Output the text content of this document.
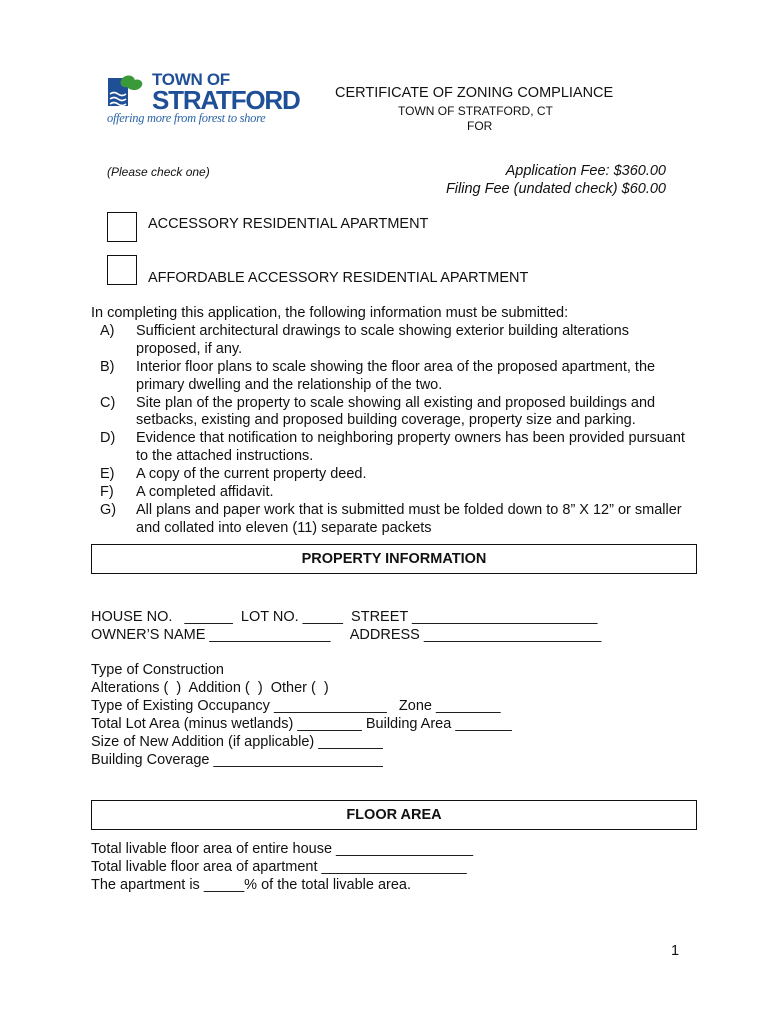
TOWN OF
STRATFORD
offering more from forest to shore
CERTIFICATE OF ZONING COMPLIANCE
TOWN OF STRATFORD, CT
FOR
(Please check one)	Application Fee: $360.00
Filing Fee (undated check) $60.00
ACCESSORY RESIDENTIAL APARTMENT
AFFORDABLE ACCESSORY RESIDENTIAL APARTMENT
In completing this application, the following information must be submitted:
A) Sufficient architectural drawings to scale showing exterior building alterations proposed, if any.
B) Interior floor plans to scale showing the floor area of the proposed apartment, the primary dwelling and the relationship of the two.
C) Site plan of the property to scale showing all existing and proposed buildings and setbacks, existing and proposed building coverage, property size and parking.
D) Evidence that notification to neighboring property owners has been provided pursuant to the attached instructions.
E) A copy of the current property deed.
F) A completed affidavit.
G) All plans and paper work that is submitted must be folded down to 8” X 12” or smaller and collated into eleven (11) separate packets
PROPERTY INFORMATION
HOUSE NO.   ______  LOT NO. _____  STREET _______________________
OWNER’S NAME _______________     ADDRESS ______________________
Type of Construction
Alterations (  )  Addition (  )  Other (  )
Type of Existing Occupancy ______________   Zone ________
Total Lot Area (minus wetlands) ________ Building Area _______
Size of New Addition (if applicable) ________
Building Coverage _____________________
FLOOR AREA
Total livable floor area of entire house _________________
Total livable floor area of apartment __________________
The apartment is _____% of the total livable area.
1
